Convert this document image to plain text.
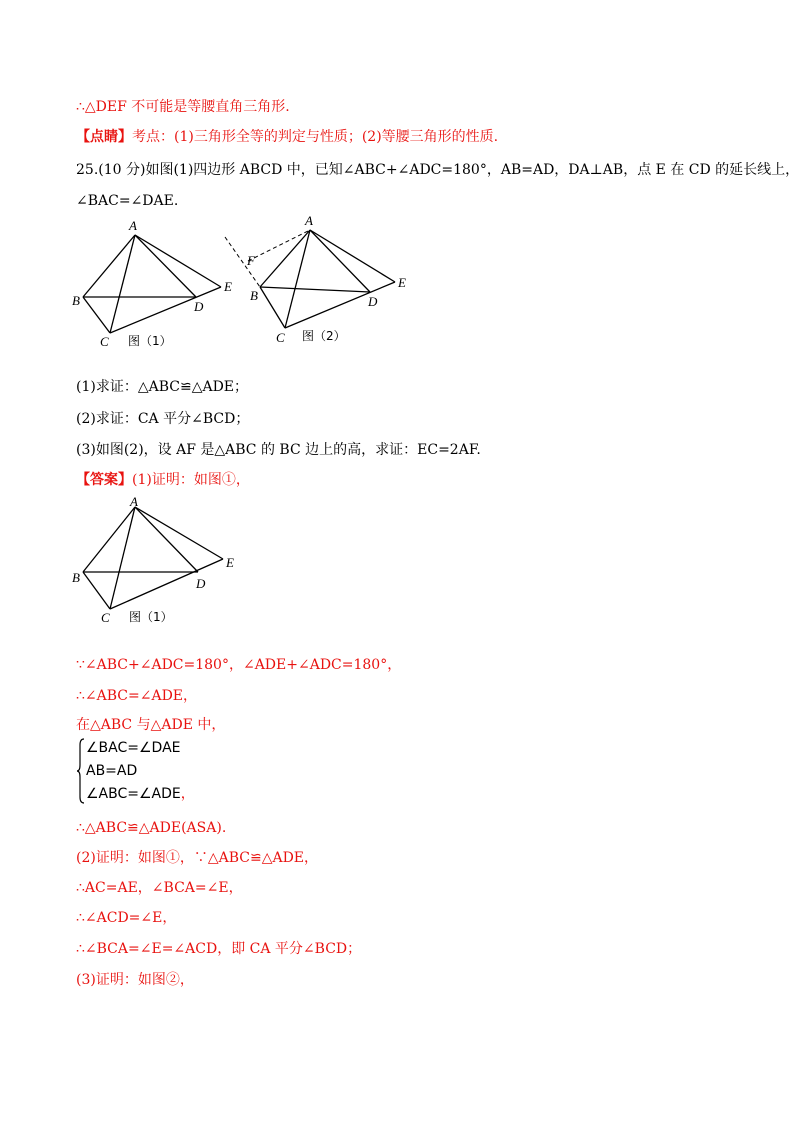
∴△DEF 不可能是等腰直角三角形.
【点睛】考点：(1)三角形全等的判定与性质；(2)等腰三角形的性质.
25.(10 分)如图(1)四边形 ABCD 中，已知∠ABC+∠ADC=180°，AB=AD，DA⊥AB，点 E 在 CD 的延长线上，
∠BAC=∠DAE.
A
B
C
D
E
图（1）
A
B
C
D
E
F
图（2）
(1)求证：△ABC≌△ADE；
(2)求证：CA 平分∠BCD；
(3)如图(2)，设 AF 是△ABC 的 BC 边上的高，求证：EC=2AF.
【答案】(1)证明：如图①，
A
B
C
D
E
图（1）
∵∠ABC+∠ADC=180°，∠ADE+∠ADC=180°，
∴∠ABC=∠ADE，
在△ABC 与△ADE 中，
∠BAC=∠DAE
AB=AD
∠ABC=∠ADE，
∴△ABC≌△ADE(ASA).
(2)证明：如图①，∵△ABC≌△ADE，
∴AC=AE，∠BCA=∠E，
∴∠ACD=∠E，
∴∠BCA=∠E=∠ACD，即 CA 平分∠BCD；
(3)证明：如图②，
